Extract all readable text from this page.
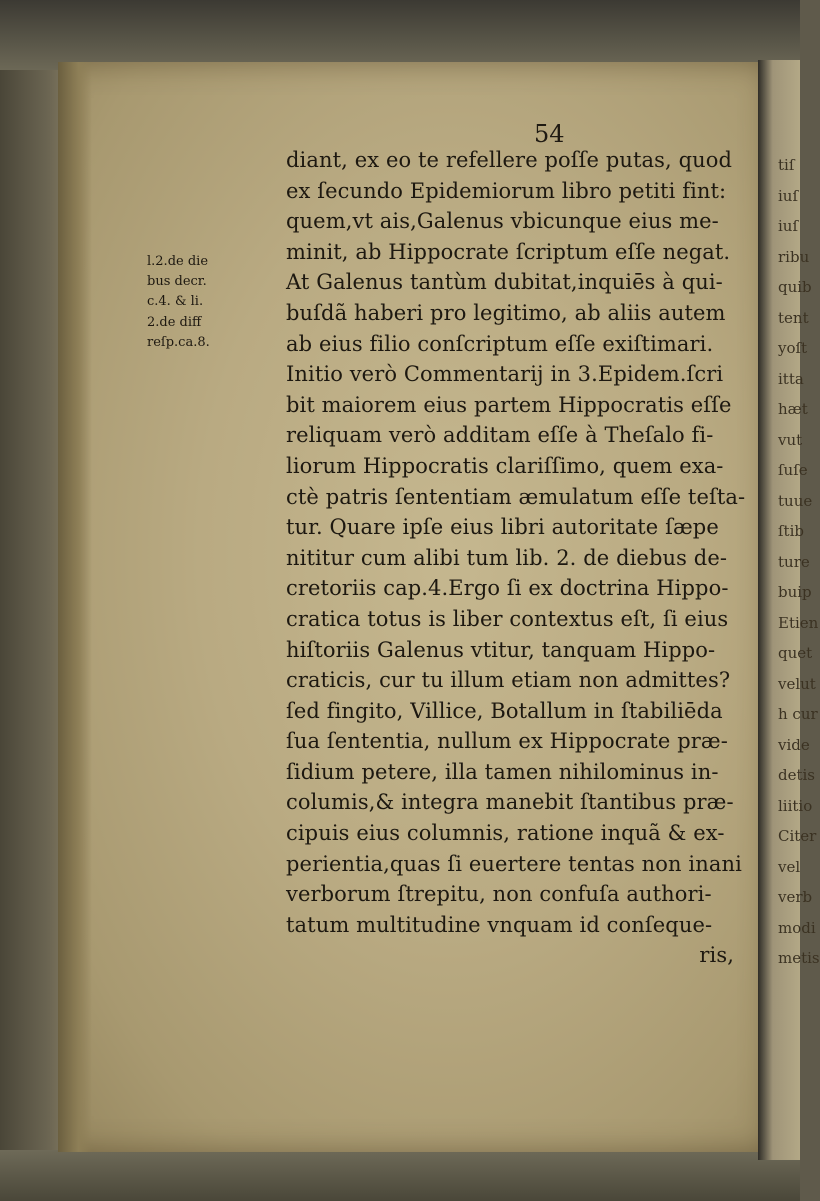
tiſ
iuſ
iuſ
ribu
quib
tent
yoſt
itta
hæt
vut
ſuſe
tuue
ſtib
ture
buip
Etien
quet
velut
h cur
vide
detis
liitio
Citer
vel
verb
modi
metis
54
l.2.de die
bus decr.
c.4. & li.
2.de diff
reſp.ca.8.
diant, ex eo te refellere poſſe putas, quod
ex ſecundo Epidemiorum libro petiti fint:
quem,vt ais,Galenus vbicunque eius me-
minit, ab Hippocrate ſcriptum eſſe negat.
At Galenus tantùm dubitat,inquiēs à qui-
buſdã haberi pro legitimo, ab aliis autem
ab eius filio conſcriptum eſſe exiſtimari.
Initio verò Commentarij in 3.Epidem.ſcri
bit maiorem eius partem Hippocratis eſſe
reliquam verò additam eſſe à Theſalo fi-
liorum Hippocratis clariſſimo, quem exa-
ctè patris ſententiam æmulatum eſſe teſta-
tur. Quare ipſe eius libri autoritate ſæpe
nititur cum alibi tum lib. 2. de diebus de-
cretoriis cap.4.Ergo ſi ex doctrina Hippo-
cratica totus is liber contextus eſt, ſi eius
hiſtoriis Galenus vtitur, tanquam Hippo-
craticis, cur tu illum etiam non admittes?
ſed fingito, Villice, Botallum in ſtabiliēda
ſua ſententia, nullum ex Hippocrate præ-
ſidium petere, illa tamen nihilominus in-
columis,& integra manebit ſtantibus præ-
cipuis eius columnis, ratione inquã & ex-
perientia,quas ſi euertere tentas non inani
verborum ſtrepitu, non confuſa authori-
tatum multitudine vnquam id conſeque-
ris,
